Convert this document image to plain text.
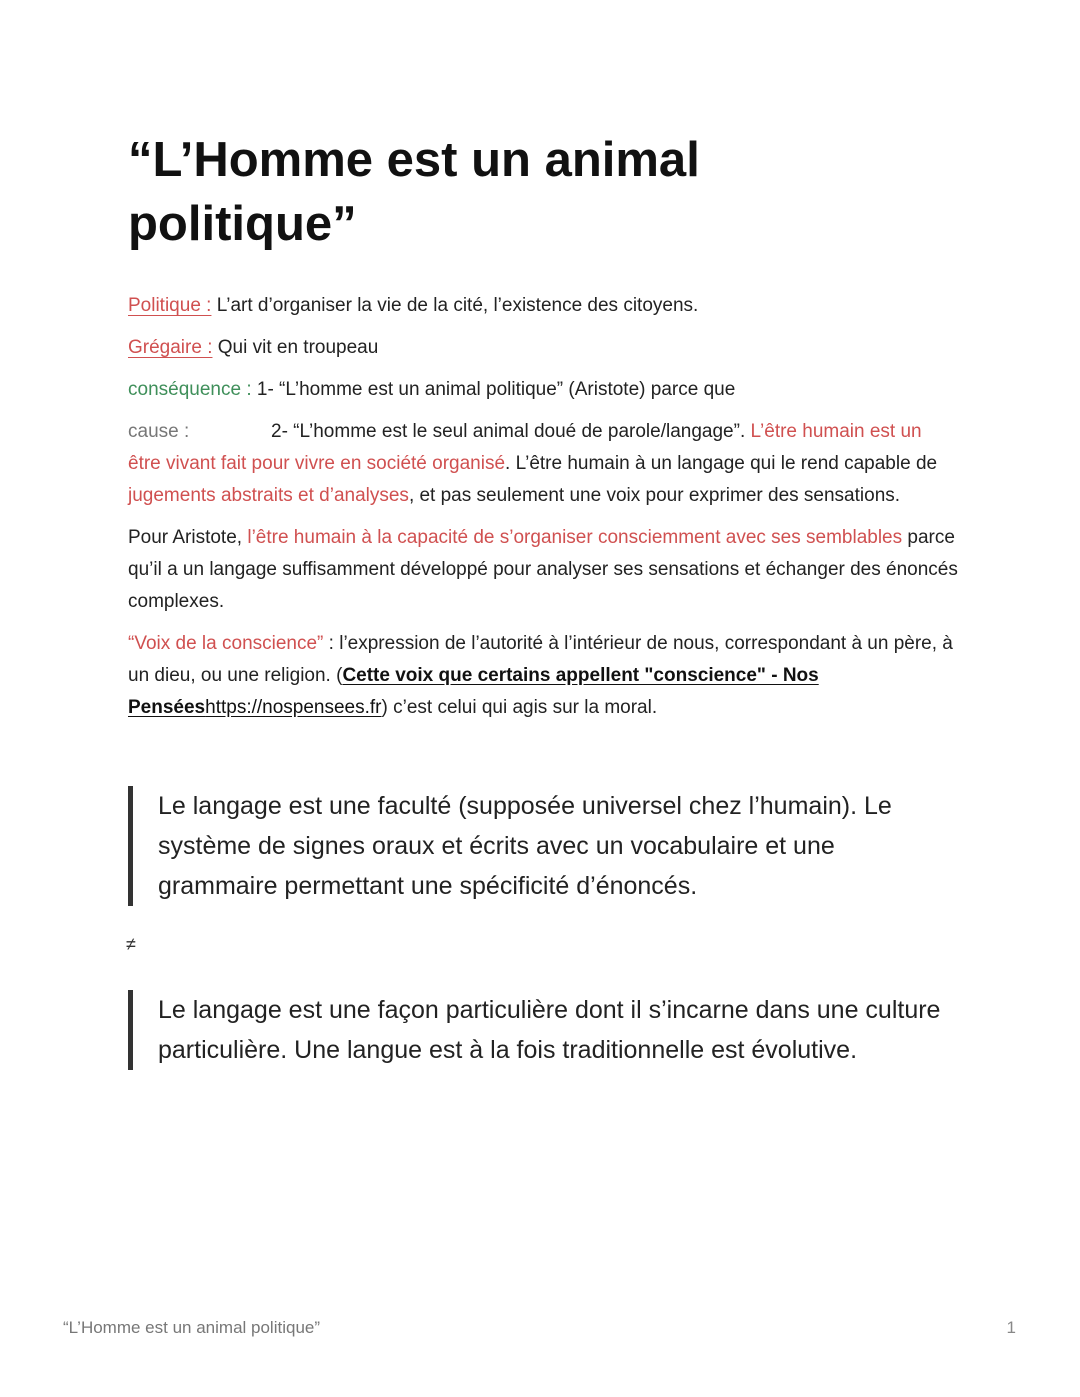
“L’Homme est un animal politique”

Politique : L’art d’organiser la vie de la cité, l’existence des citoyens.

Grégaire : Qui vit en troupeau

conséquence : 1- “L’homme est un animal politique” (Aristote) parce que

cause :	2- “L’homme est le seul animal doué de parole/langage”. L’être humain est un être vivant fait pour vivre en société organisé. L’être humain à un langage qui le rend capable de jugements abstraits et d’analyses, et pas seulement une voix pour exprimer des sensations.

Pour Aristote, l’être humain à la capacité de s’organiser consciemment avec ses semblables parce qu’il a un langage suffisamment développé pour analyser ses sensations et échanger des énoncés complexes.

“Voix de la conscience” : l’expression de l’autorité à l’intérieur de nous, correspondant à un père, à un dieu, ou une religion. (Cette voix que certains appellent "conscience" - Nos Penséeshttps://nospensees.fr) c’est celui qui agis sur la moral.

Le langage est une faculté (supposée universel chez l’humain). Le système de signes oraux et écrits avec un vocabulaire et une grammaire permettant une spécificité d’énoncés.
≠
Le langage est une façon particulière dont il s’incarne dans une culture particulière. Une langue est à la fois traditionnelle est évolutive.
“L’Homme est un animal politique”	1
